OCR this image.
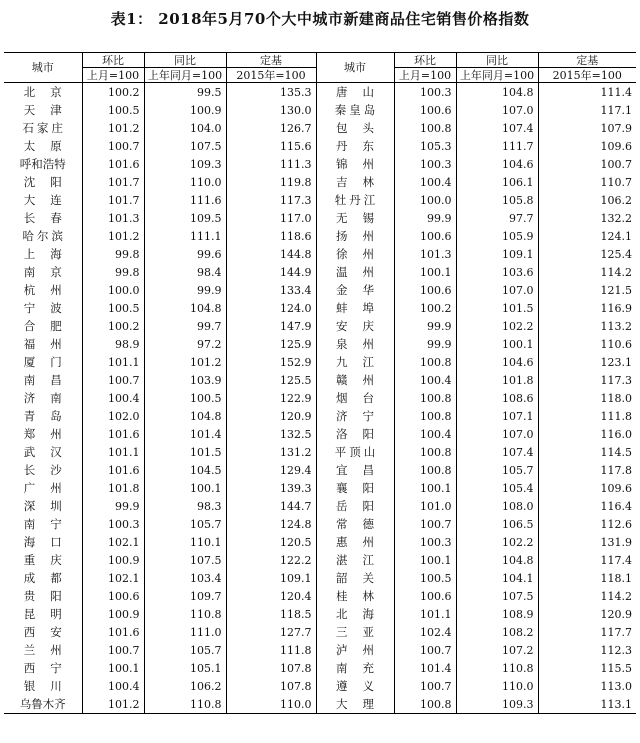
表1： 2018年5月70个大中城市新建商品住宅销售价格指数
城市	环比	同比	定基	城市	环比	同比	定基
	上月=100	上年同月=100	2015年=100		上月=100	上年同月=100	2015年=100
北京	100.2	99.5	135.3	唐山	100.3	104.8	111.4
天津	100.5	100.9	130.0	秦皇岛	100.6	107.0	117.1
石家庄	101.2	104.0	126.7	包头	100.8	107.4	107.9
太原	100.7	107.5	115.6	丹东	105.3	111.7	109.6
呼和浩特	101.6	109.3	111.3	锦州	100.3	104.6	100.7
沈阳	101.7	110.0	119.8	吉林	100.4	106.1	110.7
大连	101.7	111.6	117.3	牡丹江	100.0	105.8	106.2
长春	101.3	109.5	117.0	无锡	99.9	97.7	132.2
哈尔滨	101.2	111.1	118.6	扬州	100.6	105.9	124.1
上海	99.8	99.6	144.8	徐州	101.3	109.1	125.4
南京	99.8	98.4	144.9	温州	100.1	103.6	114.2
杭州	100.0	99.9	133.4	金华	100.6	107.0	121.5
宁波	100.5	104.8	124.0	蚌埠	100.2	101.5	116.9
合肥	100.2	99.7	147.9	安庆	99.9	102.2	113.2
福州	98.9	97.2	125.9	泉州	99.9	100.1	110.6
厦门	101.1	101.2	152.9	九江	100.8	104.6	123.1
南昌	100.7	103.9	125.5	赣州	100.4	101.8	117.3
济南	100.4	100.5	122.9	烟台	100.8	108.6	118.0
青岛	102.0	104.8	120.9	济宁	100.8	107.1	111.8
郑州	101.6	101.4	132.5	洛阳	100.4	107.0	116.0
武汉	101.1	101.5	131.2	平顶山	100.8	107.4	114.5
长沙	101.6	104.5	129.4	宜昌	100.8	105.7	117.8
广州	101.8	100.1	139.3	襄阳	100.1	105.4	109.6
深圳	99.9	98.3	144.7	岳阳	101.0	108.0	116.4
南宁	100.3	105.7	124.8	常德	100.7	106.5	112.6
海口	102.1	110.1	120.5	惠州	100.3	102.2	131.9
重庆	100.9	107.5	122.2	湛江	100.1	104.8	117.4
成都	102.1	103.4	109.1	韶关	100.5	104.1	118.1
贵阳	100.6	109.7	120.4	桂林	100.6	107.5	114.2
昆明	100.9	110.8	118.5	北海	101.1	108.9	120.9
西安	101.6	111.0	127.7	三亚	102.4	108.2	117.7
兰州	100.7	105.7	111.8	泸州	100.7	107.2	112.3
西宁	100.1	105.1	107.8	南充	101.4	110.8	115.5
银川	100.4	106.2	107.8	遵义	100.7	110.0	113.0
乌鲁木齐	101.2	110.8	110.0	大理	100.8	109.3	113.1
